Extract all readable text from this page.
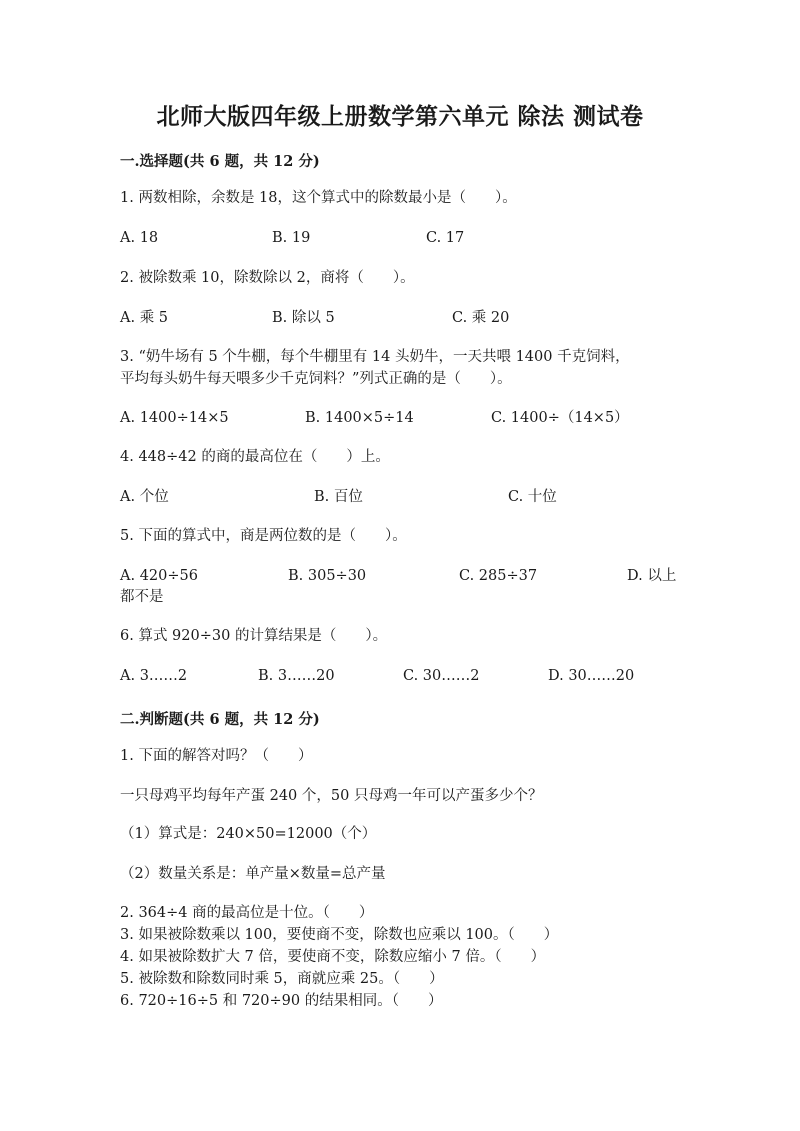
北师大版四年级上册数学第六单元 除法 测试卷
一.选择题(共 6 题，共 12 分)
1. 两数相除，余数是 18，这个算式中的除数最小是（　　）。
A. 18	B. 19	C. 17
2. 被除数乘 10，除数除以 2，商将（　　）。
A. 乘 5	B. 除以 5	C. 乘 20
3. “奶牛场有 5 个牛棚，每个牛棚里有 14 头奶牛，一天共喂 1400 千克饲料，
平均每头奶牛每天喂多少千克饲料？”列式正确的是（　　）。
A. 1400÷14×5	B. 1400×5÷14	C. 1400÷（14×5）
4. 448÷42 的商的最高位在（　　）上。
A. 个位	B. 百位	C. 十位
5. 下面的算式中，商是两位数的是（　　）。
A. 420÷56	B. 305÷30	C. 285÷37	D. 以上
都不是
6. 算式 920÷30 的计算结果是（　　）。
A. 3……2	B. 3……20	C. 30……2	D. 30……20
二.判断题(共 6 题，共 12 分)
1. 下面的解答对吗？（　　）
一只母鸡平均每年产蛋 240 个，50 只母鸡一年可以产蛋多少个？
（1）算式是：240×50=12000（个）
（2）数量关系是：单产量×数量=总产量
2. 364÷4 商的最高位是十位。（　　）
3. 如果被除数乘以 100，要使商不变，除数也应乘以 100。（　　）
4. 如果被除数扩大 7 倍，要使商不变，除数应缩小 7 倍。（　　）
5. 被除数和除数同时乘 5，商就应乘 25。（　　）
6. 720÷16÷5 和 720÷90 的结果相同。（　　）
